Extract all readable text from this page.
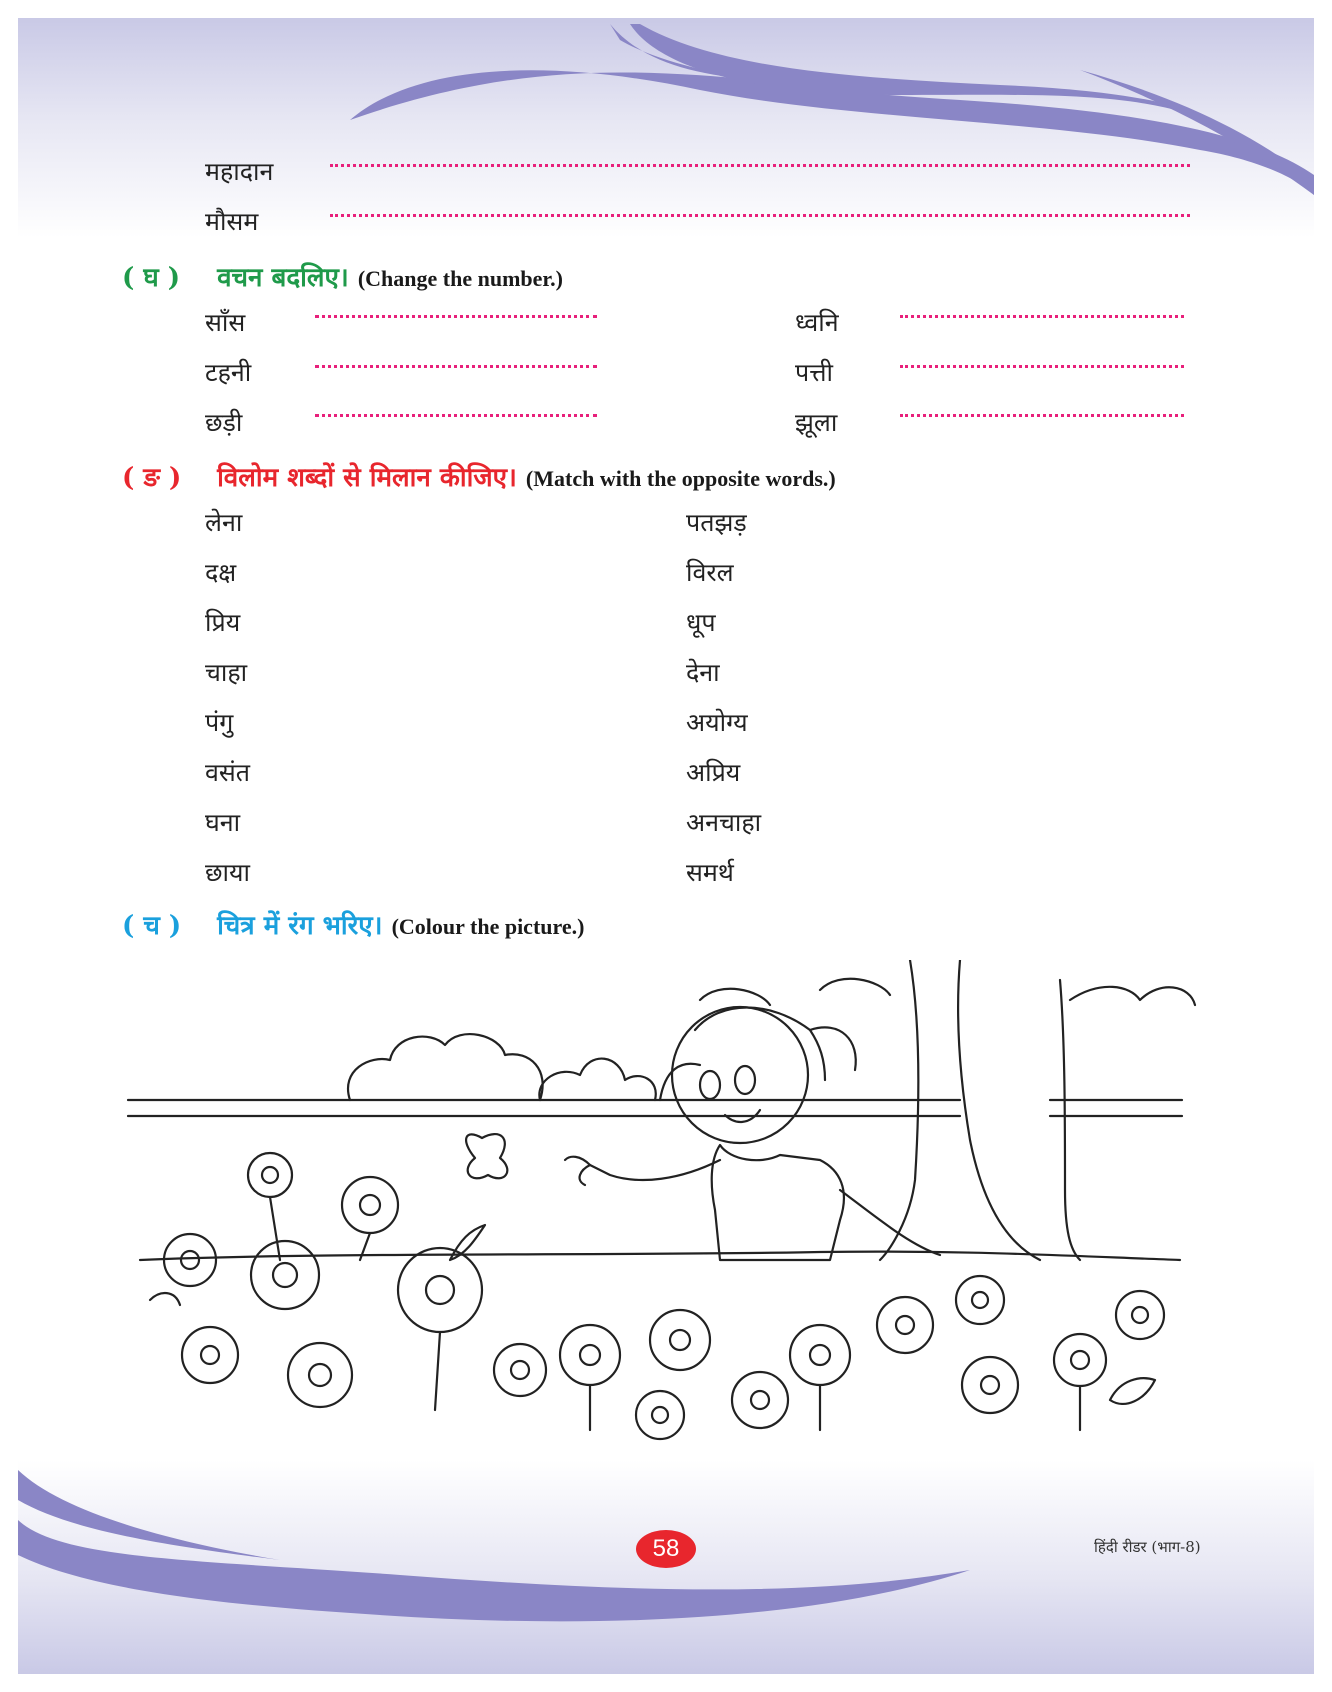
महादान
मौसम
( घ ) वचन बदलिए। (Change the number.)
साँस
टहनी
छड़ी
ध्वनि
पत्ती
झूला
( ङ ) विलोम शब्दों से मिलान कीजिए। (Match with the opposite words.)
लेना
दक्ष
प्रिय
चाहा
पंगु
वसंत
घना
छाया
पतझड़
विरल
धूप
देना
अयोग्य
अप्रिय
अनचाहा
समर्थ
( च ) चित्र में रंग भरिए। (Colour the picture.)
58	हिंदी रीडर (भाग-8)
